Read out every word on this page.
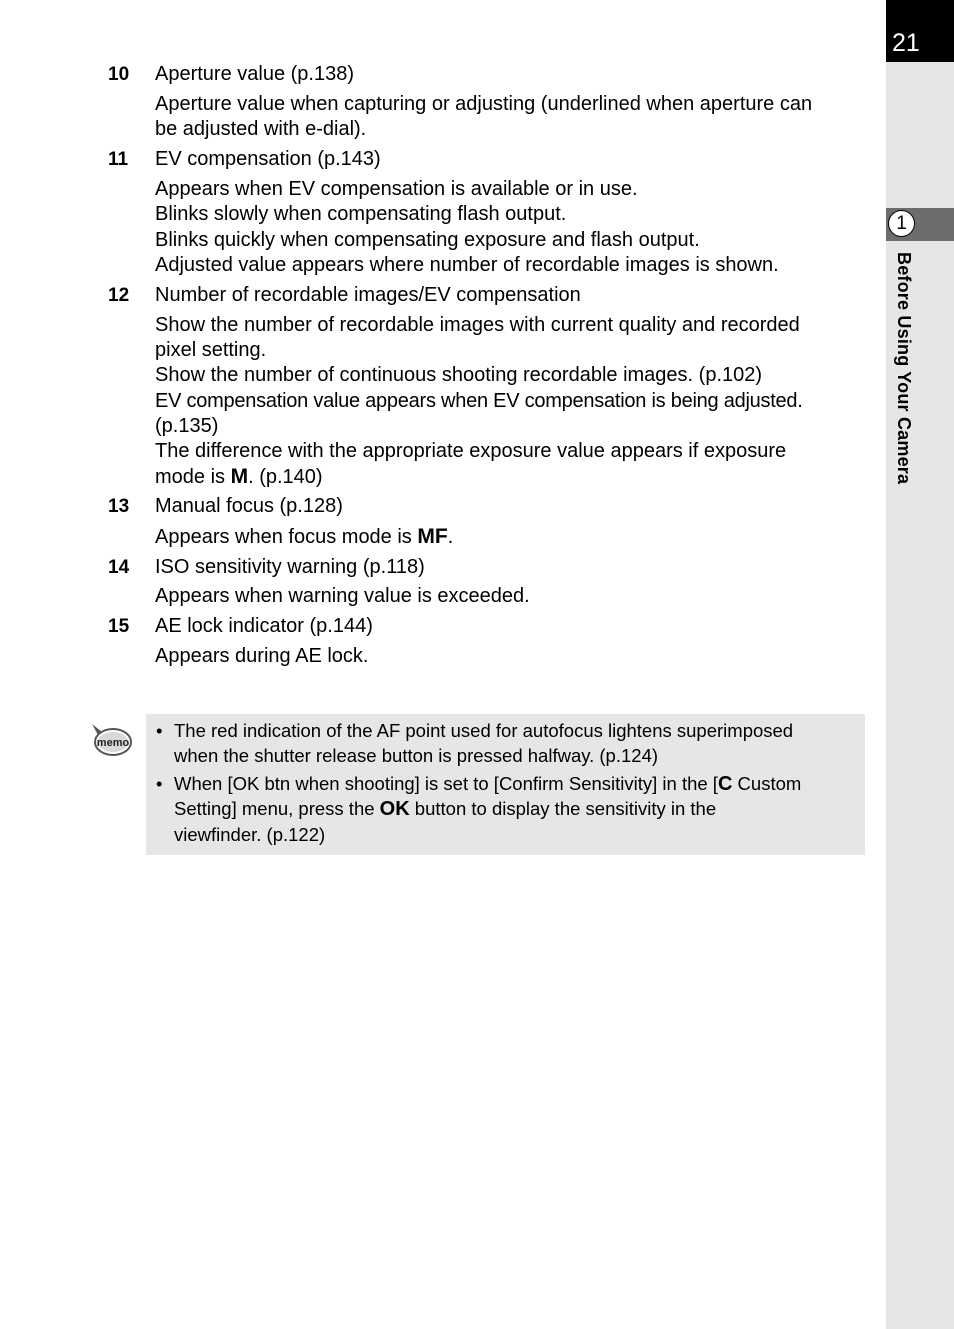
21
1
Before Using Your Camera
10 Aperture value (p.138)
Aperture value when capturing or adjusting (underlined when aperture can
be adjusted with e-dial).
11 EV compensation (p.143)
Appears when EV compensation is available or in use.
Blinks slowly when compensating flash output.
Blinks quickly when compensating exposure and flash output.
Adjusted value appears where number of recordable images is shown.
12 Number of recordable images/EV compensation
Show the number of recordable images with current quality and recorded
pixel setting.
Show the number of continuous shooting recordable images. (p.102)
EV compensation value appears when EV compensation is being adjusted.
(p.135)
The difference with the appropriate exposure value appears if exposure
mode is M. (p.140)
13 Manual focus (p.128)
Appears when focus mode is MF.
14 ISO sensitivity warning (p.118)
Appears when warning value is exceeded.
15 AE lock indicator (p.144)
Appears during AE lock.
memo
• The red indication of the AF point used for autofocus lightens superimposed
when the shutter release button is pressed halfway. (p.124)
• When [OK btn when shooting] is set to [Confirm Sensitivity] in the [C Custom
Setting] menu, press the OK button to display the sensitivity in the
viewfinder. (p.122)
